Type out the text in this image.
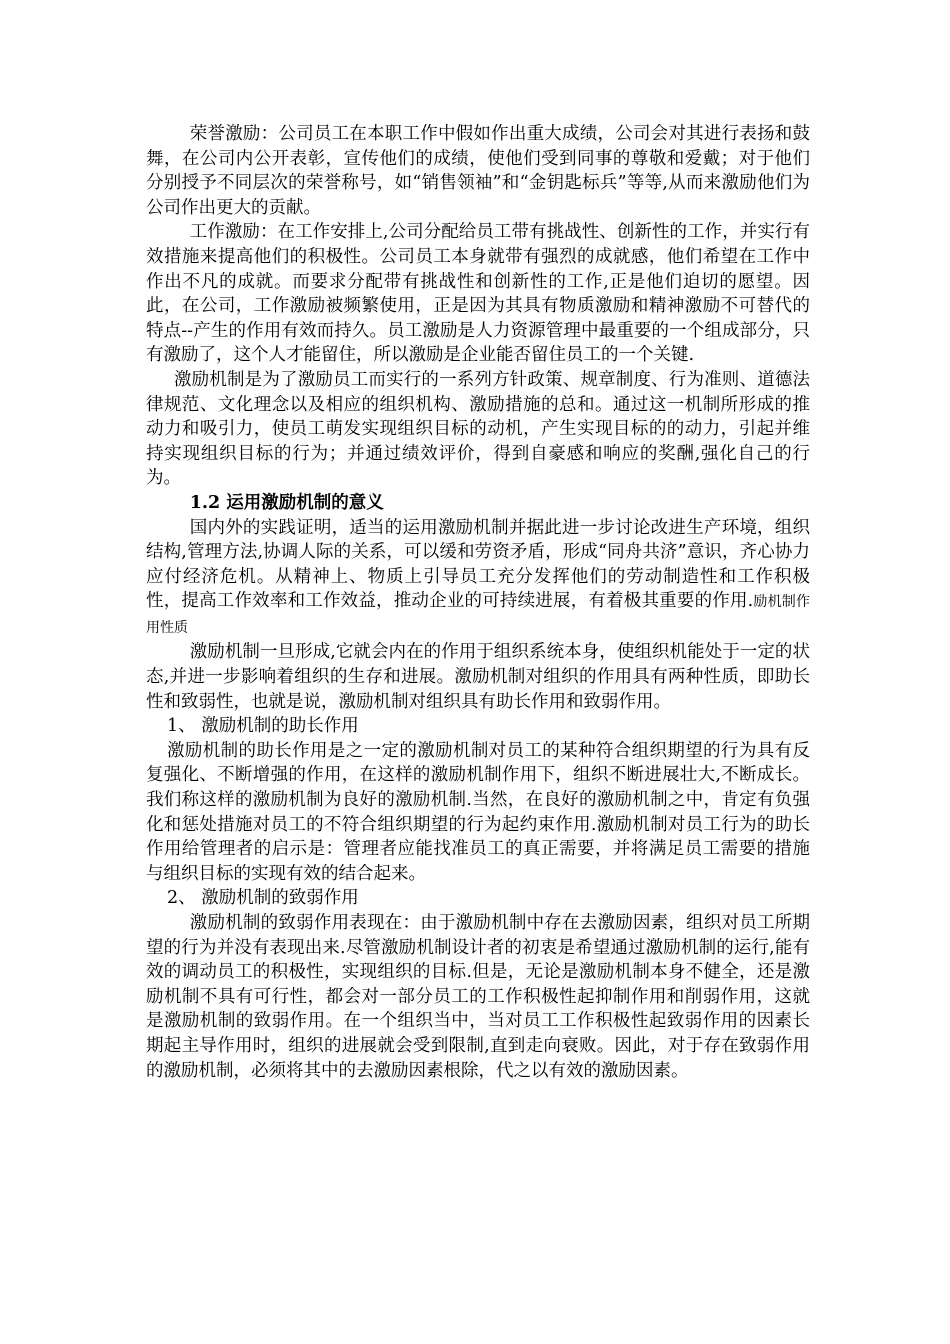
荣誉激励：公司员工在本职工作中假如作出重大成绩，公司会对其进行表扬和鼓舞，在公司内公开表彰，宣传他们的成绩，使他们受到同事的尊敬和爱戴；对于他们分别授予不同层次的荣誉称号，如“销售领袖”和“金钥匙标兵”等等,从而来激励他们为公司作出更大的贡献。

工作激励：在工作安排上,公司分配给员工带有挑战性、创新性的工作，并实行有效措施来提高他们的积极性。公司员工本身就带有强烈的成就感，他们希望在工作中作出不凡的成就。而要求分配带有挑战性和创新性的工作,正是他们迫切的愿望。因此，在公司，工作激励被频繁使用，正是因为其具有物质激励和精神激励不可替代的特点--产生的作用有效而持久。员工激励是人力资源管理中最重要的一个组成部分，只有激励了，这个人才能留住，所以激励是企业能否留住员工的一个关键.

激励机制是为了激励员工而实行的一系列方针政策、规章制度、行为准则、道德法律规范、文化理念以及相应的组织机构、激励措施的总和。通过这一机制所形成的推动力和吸引力，使员工萌发实现组织目标的动机，产生实现目标的的动力，引起并维持实现组织目标的行为；并通过绩效评价，得到自豪感和响应的奖酬,强化自己的行为。

1.2 运用激励机制的意义

国内外的实践证明，适当的运用激励机制并据此进一步讨论改进生产环境，组织结构,管理方法,协调人际的关系，可以缓和劳资矛盾，形成“同舟共济”意识，齐心协力应付经济危机。从精神上、物质上引导员工充分发挥他们的劳动制造性和工作积极性，提高工作效率和工作效益，推动企业的可持续进展，有着极其重要的作用.励机制作用性质

激励机制一旦形成,它就会内在的作用于组织系统本身，使组织机能处于一定的状态,并进一步影响着组织的生存和进展。激励机制对组织的作用具有两种性质，即助长性和致弱性，也就是说，激励机制对组织具有助长作用和致弱作用。

1、 激励机制的助长作用

激励机制的助长作用是之一定的激励机制对员工的某种符合组织期望的行为具有反复强化、不断增强的作用，在这样的激励机制作用下，组织不断进展壮大,不断成长。我们称这样的激励机制为良好的激励机制.当然，在良好的激励机制之中，肯定有负强化和惩处措施对员工的不符合组织期望的行为起约束作用.激励机制对员工行为的助长作用给管理者的启示是：管理者应能找准员工的真正需要，并将满足员工需要的措施与组织目标的实现有效的结合起来。

2、 激励机制的致弱作用

激励机制的致弱作用表现在：由于激励机制中存在去激励因素，组织对员工所期望的行为并没有表现出来.尽管激励机制设计者的初衷是希望通过激励机制的运行,能有效的调动员工的积极性，实现组织的目标.但是，无论是激励机制本身不健全，还是激励机制不具有可行性，都会对一部分员工的工作积极性起抑制作用和削弱作用，这就是激励机制的致弱作用。在一个组织当中，当对员工工作积极性起致弱作用的因素长期起主导作用时，组织的进展就会受到限制,直到走向衰败。因此，对于存在致弱作用的激励机制，必须将其中的去激励因素根除，代之以有效的激励因素。
